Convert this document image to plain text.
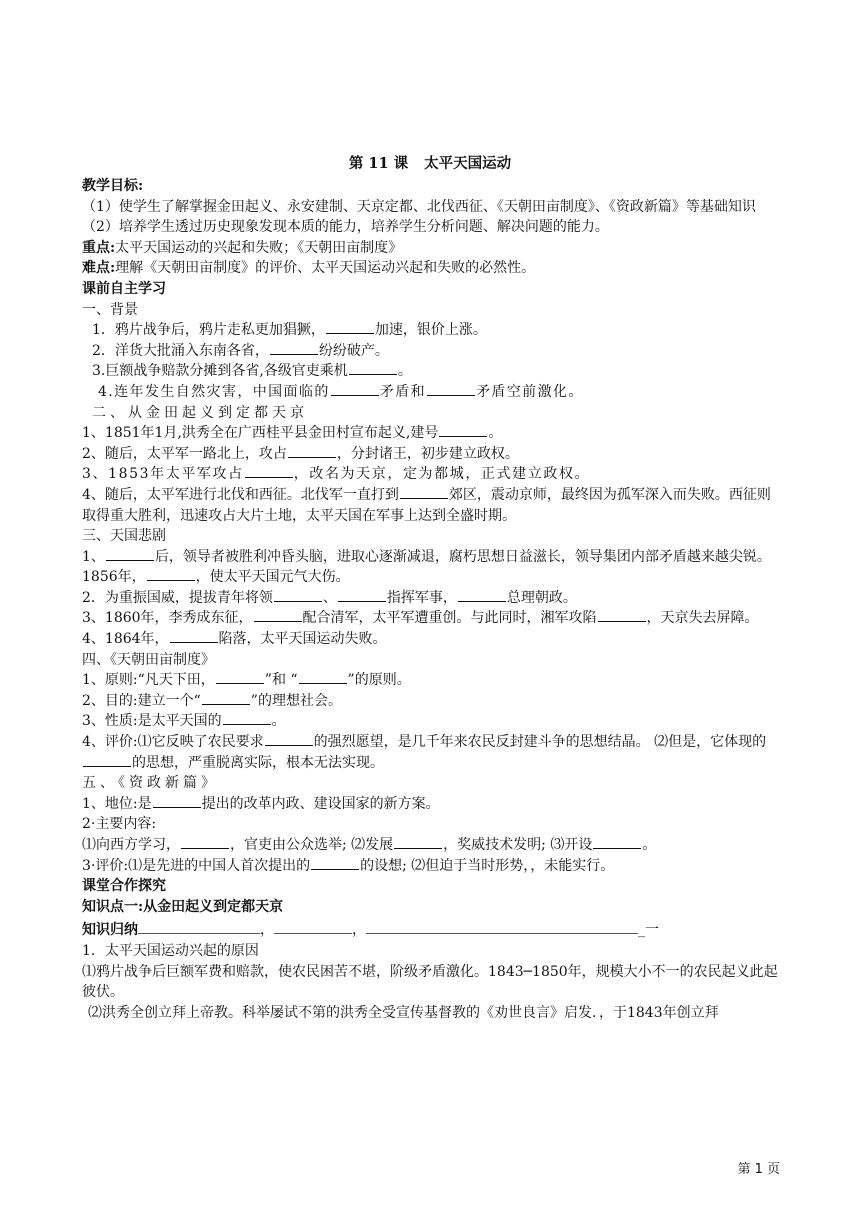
第 11 课 太平天国运动

教学目标:

（1）使学生了解掌握金田起义、永安建制、天京定都、北伐西征、《天朝田亩制度》、《资政新篇》等基础知识

（2）培养学生透过历史现象发现本质的能力，培养学生分析问题、解决问题的能力。

重点:太平天国运动的兴起和失败；《天朝田亩制度》

难点:理解《天朝田亩制度》的评价、太平天国运动兴起和失败的必然性。

课前自主学习

一、背景

1．鸦片战争后，鸦片走私更加猖獗，	加速，银价上涨。

2．洋货大批涌入东南各省，	纷纷破产。

3.巨额战争赔款分摊到各省,各级官吏乘机	。

4.连年发生自然灾害，中国面临的	矛盾和	矛盾空前激化。

二、从金田起义到定都天京

1、1851年1月,洪秀全在广西桂平县金田村宣布起义,建号	。

2、随后，太平军一路北上，攻占	，分封诸王，初步建立政权。

3、1853年太平军攻占	，改名为天京，定为都城，正式建立政权。

4、随后，太平军进行北伐和西征。北伐军一直打到	郊区，震动京师，最终因为孤军深入而失败。西征则取得重大胜利，迅速攻占大片土地，太平天国在军事上达到全盛时期。

三、天国悲剧

1、	后，领导者被胜利冲昏头脑，进取心逐渐减退，腐朽思想日益滋长，领导集团内部矛盾越来越尖锐。1856年，	，使太平天国元气大伤。

2．为重振国威，提拔青年将领	、	指挥军事，	总理朝政。

3、1860年，李秀成东征，	配合清军，太平军遭重创。与此同时，湘军攻陷	，天京失去屏障。

4、1864年，	陷落，太平天国运动失败。

四、《天朝田亩制度》

1、原则:“凡天下田，	”和 “	”的原则。

2、目的:建立一个“	”的理想社会。

3、性质:是太平天国的	。

4、评价:⑴它反映了农民要求	的强烈愿望，是几千年来农民反封建斗争的思想结晶。 ⑵但是，它体现的的思想，严重脱离实际，根本无法实现。

五、《资政新篇》

1、地位:是	提出的改革内政、建设国家的新方案。

2·主要内容:

⑴向西方学习，	，官吏由公众选举; ⑵发展	，奖威技术发明; ⑶开设	。

3·评价:⑴是先进的中国人首次提出的	的设想; ⑵但迫于当时形势，，未能实行。

课堂合作探究

知识点一:从金田起义到定都天京

知识归纳	，	，	_一

1．太平天国运动兴起的原因

⑴鸦片战争后巨额军费和赔款，使农民困苦不堪，阶级矛盾激化。1843─1850年，规模大小不一的农民起义此起彼伏。

⑵洪秀全创立拜上帝教。科举屡试不第的洪秀全受宣传基督教的《劝世良言》启发．，于1843年创立拜

第 1 页
